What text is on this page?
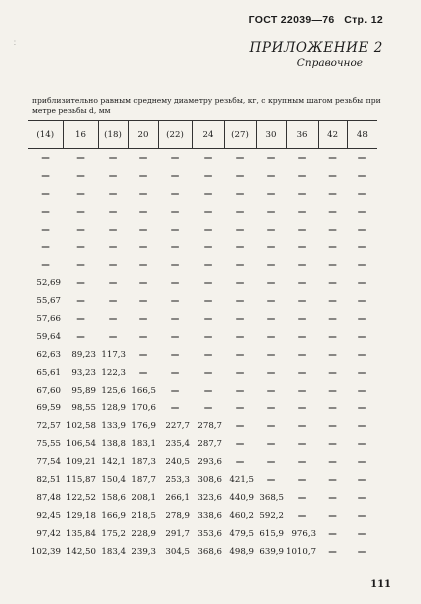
⁚
ГОСТ 22039—76 Стр. 12
ПРИЛОЖЕНИЕ 2
Справочное
приблизительно равным среднему диаметру резьбы, кг, с крупным шагом резьбы при метре резьбы d, мм
(14)	16	(18)	20	(22)	24	(27)	30	36	42	48
—	—	—	—	—	—	—	—	—	—	—
—	—	—	—	—	—	—	—	—	—	—
—	—	—	—	—	—	—	—	—	—	—
—	—	—	—	—	—	—	—	—	—	—
—	—	—	—	—	—	—	—	—	—	—
—	—	—	—	—	—	—	—	—	—	—
—	—	—	—	—	—	—	—	—	—	—
52,69	—	—	—	—	—	—	—	—	—	—
55,67	—	—	—	—	—	—	—	—	—	—
57,66	—	—	—	—	—	—	—	—	—	—
59,64	—	—	—	—	—	—	—	—	—	—
62,63	89,23	117,3	—	—	—	—	—	—	—	—
65,61	93,23	122,3	—	—	—	—	—	—	—	—
67,60	95,89	125,6	166,5	—	—	—	—	—	—	—
69,59	98,55	128,9	170,6	—	—	—	—	—	—	—
72,57	102,58	133,9	176,9	227,7	278,7	—	—	—	—	—
75,55	106,54	138,8	183,1	235,4	287,7	—	—	—	—	—
77,54	109,21	142,1	187,3	240,5	293,6	—	—	—	—	—
82,51	115,87	150,4	187,7	253,3	308,6	421,5	—	—	—	—
87,48	122,52	158,6	208,1	266,1	323,6	440,9	368,5	—	—	—
92,45	129,18	166,9	218,5	278,9	338,6	460,2	592,2	—	—	—
97,42	135,84	175,2	228,9	291,7	353,6	479,5	615,9	976,3	—	—
102,39	142,50	183,4	239,3	304,5	368,6	498,9	639,9	1010,7	—	—
111
